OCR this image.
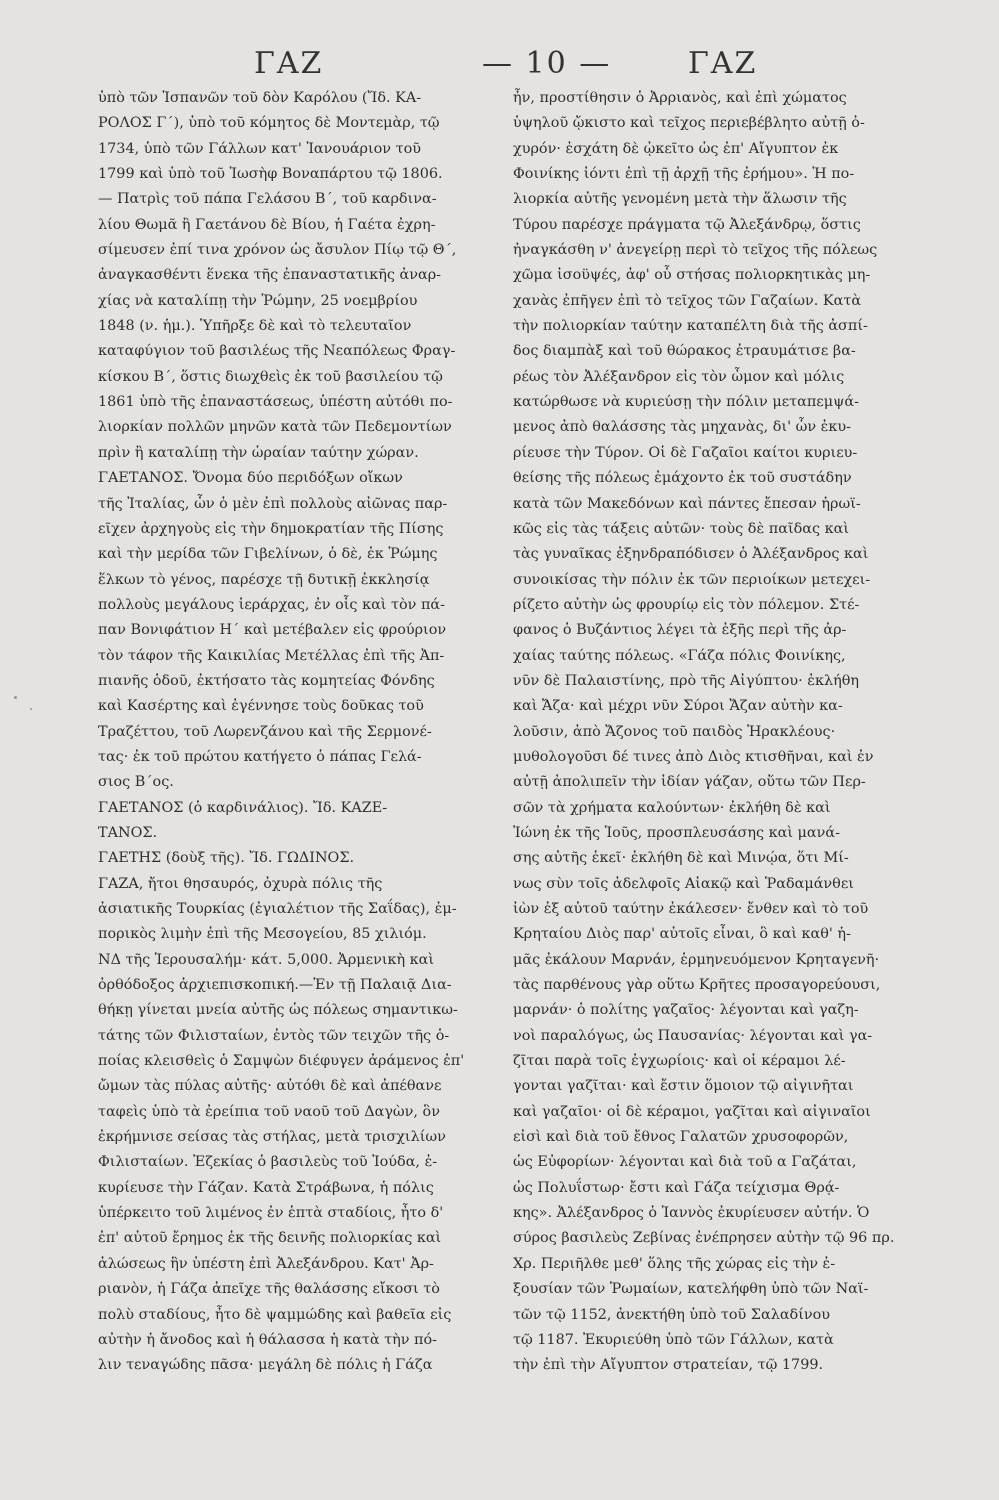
ΓΑΖ	— 10 —	ΓΑΖ
ὑπὸ τῶν Ἱσπανῶν τοῦ δὸν Καρόλου (Ἴδ. ΚΑ-
ΡΟΛΟΣ Γ΄), ὑπὸ τοῦ κόμητος δὲ Μοντεμὰρ, τῷ
1734, ὑπὸ τῶν Γάλλων κατ' Ἰανουάριον τοῦ
1799 καὶ ὑπὸ τοῦ Ἰωσὴφ Βοναπάρτου τῷ 1806.
— Πατρὶς τοῦ πάπα Γελάσου Β΄, τοῦ καρδινα-
λίου Θωμᾶ ἢ Γαετάνου δὲ Βίου, ἡ Γαέτα ἐχρη-
σίμευσεν ἐπί τινα χρόνον ὡς ἄσυλον Πίῳ τῷ Θ΄,
ἀναγκασθέντι ἕνεκα τῆς ἐπαναστατικῆς ἀναρ-
χίας νὰ καταλίπῃ τὴν Ῥώμην, 25 νοεμβρίου
1848 (ν. ἡμ.). Ὑπῆρξε δὲ καὶ τὸ τελευταῖον
καταφύγιον τοῦ βασιλέως τῆς Νεαπόλεως Φραγ-
κίσκου Β΄, ὅστις διωχθεὶς ἐκ τοῦ βασιλείου τῷ
1861 ὑπὸ τῆς ἐπαναστάσεως, ὑπέστη αὐτόθι πο-
λιορκίαν πολλῶν μηνῶν κατὰ τῶν Πεδεμοντίων
πρὶν ἢ καταλίπῃ τὴν ὡραίαν ταύτην χώραν.
ΓΑΕΤΑΝΟΣ. Ὄνομα δύο περιδόξων οἴκων
τῆς Ἰταλίας, ὧν ὁ μὲν ἐπὶ πολλοὺς αἰῶνας παρ-
εῖχεν ἀρχηγοὺς εἰς τὴν δημοκρατίαν τῆς Πίσης
καὶ τὴν μερίδα τῶν Γιβελίνων, ὁ δὲ, ἐκ Ῥώμης
ἕλκων τὸ γένος, παρέσχε τῇ δυτικῇ ἐκκλησίᾳ
πολλοὺς μεγάλους ἱεράρχας, ἐν οἷς καὶ τὸν πά-
παν Βονιφάτιον Η΄ καὶ μετέβαλεν εἰς φρούριον
τὸν τάφον τῆς Καικιλίας Μετέλλας ἐπὶ τῆς Ἀπ-
πιανῆς ὁδοῦ, ἐκτήσατο τὰς κομητείας Φόνδης
καὶ Κασέρτης καὶ ἐγέννησε τοὺς δοῦκας τοῦ
Τραζέττου, τοῦ Λωρενζάνου καὶ τῆς Σερμονέ-
τας· ἐκ τοῦ πρώτου κατήγετο ὁ πάπας Γελά-
σιος Β΄ος.
ΓΑΕΤΑΝΟΣ (ὁ καρδινάλιος). Ἴδ. ΚΑΖΕ-
ΤΑΝΟΣ.
ΓΑΕΤΗΣ (δοὺξ τῆς). Ἴδ. ΓΩΔΙΝΟΣ.
ΓΑΖΑ, ἤτοι θησαυρός, ὀχυρὰ πόλις τῆς
ἀσιατικῆς Τουρκίας (ἐγιαλέτιον τῆς Σαΐδας), ἐμ-
πορικὸς λιμὴν ἐπὶ τῆς Μεσογείου, 85 χιλιόμ.
ΝΔ τῆς Ἱερουσαλήμ· κάτ. 5,000. Ἀρμενικὴ καὶ
ὀρθόδοξος ἀρχιεπισκοπική.—Ἐν τῇ Παλαιᾷ Δια-
θήκῃ γίνεται μνεία αὐτῆς ὡς πόλεως σημαντικω-
τάτης τῶν Φιλισταίων, ἐντὸς τῶν τειχῶν τῆς ὁ-
ποίας κλεισθεὶς ὁ Σαμψὼν διέφυγεν ἀράμενος ἐπ'
ὤμων τὰς πύλας αὐτῆς· αὐτόθι δὲ καὶ ἀπέθανε
ταφεὶς ὑπὸ τὰ ἐρείπια τοῦ ναοῦ τοῦ Δαγὼν, ὃν
ἐκρήμνισε σείσας τὰς στήλας, μετὰ τρισχιλίων
Φιλισταίων. Ἐζεκίας ὁ βασιλεὺς τοῦ Ἰούδα, ἐ-
κυρίευσε τὴν Γάζαν. Κατὰ Στράβωνα, ἡ πόλις
ὑπέρκειτο τοῦ λιμένος ἐν ἑπτὰ σταδίοις, ἦτο δ'
ἐπ' αὐτοῦ ἔρημος ἐκ τῆς δεινῆς πολιορκίας καὶ
ἁλώσεως ἣν ὑπέστη ἐπὶ Ἀλεξάνδρου. Κατ' Ἀρ-
ριανὸν, ἡ Γάζα ἀπεῖχε τῆς θαλάσσης εἴκοσι τὸ
πολὺ σταδίους, ἦτο δὲ ψαμμώδης καὶ βαθεῖα εἰς
αὐτὴν ἡ ἄνοδος καὶ ἡ θάλασσα ἡ κατὰ τὴν πό-
λιν τεναγώδης πᾶσα· μεγάλη δὲ πόλις ἡ Γάζα
ἦν, προστίθησιν ὁ Ἀρριανὸς, καὶ ἐπὶ χώματος
ὑψηλοῦ ᾤκιστο καὶ τεῖχος περιεβέβλητο αὐτῇ ὀ-
χυρόν· ἐσχάτη δὲ ᾠκεῖτο ὡς ἐπ' Αἴγυπτον ἐκ
Φοινίκης ἰόντι ἐπὶ τῇ ἀρχῇ τῆς ἐρήμου». Ἡ πο-
λιορκία αὐτῆς γενομένη μετὰ τὴν ἅλωσιν τῆς
Τύρου παρέσχε πράγματα τῷ Ἀλεξάνδρῳ, ὅστις
ἠναγκάσθη ν' ἀνεγείρῃ περὶ τὸ τεῖχος τῆς πόλεως
χῶμα ἰσοϋψές, ἀφ' οὗ στήσας πολιορκητικὰς μη-
χανὰς ἐπῆγεν ἐπὶ τὸ τεῖχος τῶν Γαζαίων. Κατὰ
τὴν πολιορκίαν ταύτην καταπέλτη διὰ τῆς ἀσπί-
δος διαμπὰξ καὶ τοῦ θώρακος ἐτραυμάτισε βα-
ρέως τὸν Ἀλέξανδρον εἰς τὸν ὦμον καὶ μόλις
κατώρθωσε νὰ κυριεύσῃ τὴν πόλιν μεταπεμψά-
μενος ἀπὸ θαλάσσης τὰς μηχανὰς, δι' ὧν ἐκυ-
ρίευσε τὴν Τύρον. Οἱ δὲ Γαζαῖοι καίτοι κυριευ-
θείσης τῆς πόλεως ἐμάχοντο ἐκ τοῦ συστάδην
κατὰ τῶν Μακεδόνων καὶ πάντες ἔπεσαν ἡρωϊ-
κῶς εἰς τὰς τάξεις αὐτῶν· τοὺς δὲ παῖδας καὶ
τὰς γυναῖκας ἐξηνδραπόδισεν ὁ Ἀλέξανδρος καὶ
συνοικίσας τὴν πόλιν ἐκ τῶν περιοίκων μετεχει-
ρίζετο αὐτὴν ὡς φρουρίῳ εἰς τὸν πόλεμον. Στέ-
φανος ὁ Βυζάντιος λέγει τὰ ἑξῆς περὶ τῆς ἀρ-
χαίας ταύτης πόλεως. «Γάζα πόλις Φοινίκης,
νῦν δὲ Παλαιστίνης, πρὸ τῆς Αἰγύπτου· ἐκλήθη
καὶ Ἄζα· καὶ μέχρι νῦν Σύροι Ἄζαν αὐτὴν κα-
λοῦσιν, ἀπὸ Ἄζονος τοῦ παιδὸς Ἡρακλέους·
μυθολογοῦσι δέ τινες ἀπὸ Διὸς κτισθῆναι, καὶ ἐν
αὐτῇ ἀπολιπεῖν τὴν ἰδίαν γάζαν, οὕτω τῶν Περ-
σῶν τὰ χρήματα καλούντων· ἐκλήθη δὲ καὶ
Ἰώνη ἐκ τῆς Ἰοῦς, προσπλευσάσης καὶ μανά-
σης αὐτῆς ἐκεῖ· ἐκλήθη δὲ καὶ Μινῴα, ὅτι Μί-
νως σὺν τοῖς ἀδελφοῖς Αἰακῷ καὶ Ῥαδαμάνθει
ἰὼν ἐξ αὐτοῦ ταύτην ἐκάλεσεν· ἔνθεν καὶ τὸ τοῦ
Κρηταίου Διὸς παρ' αὐτοῖς εἶναι, ὃ καὶ καθ' ἡ-
μᾶς ἐκάλουν Μαρνάν, ἑρμηνευόμενον Κρηταγενῆ·
τὰς παρθένους γὰρ οὕτω Κρῆτες προσαγορεύουσι,
μαρνάν· ὁ πολίτης γαζαῖος· λέγονται καὶ γαζη-
νοὶ παραλόγως, ὡς Παυσανίας· λέγονται καὶ γα-
ζῖται παρὰ τοῖς ἐγχωρίοις· καὶ οἱ κέραμοι λέ-
γονται γαζῖται· καὶ ἔστιν ὅμοιον τῷ αἰγινῆται
καὶ γαζαῖοι· οἱ δὲ κέραμοι, γαζῖται καὶ αἰγιναῖοι
εἰσὶ καὶ διὰ τοῦ ἔθνος Γαλατῶν χρυσοφορῶν,
ὡς Εὐφορίων· λέγονται καὶ διὰ τοῦ α Γαζάται,
ὡς Πολυΐστωρ· ἔστι καὶ Γάζα τείχισμα Θρᾴ-
κης». Ἀλέξανδρος ὁ Ἰαννὸς ἐκυρίευσεν αὐτήν. Ὁ
σύρος βασιλεὺς Ζεβίνας ἐνέπρησεν αὐτὴν τῷ 96 πρ.
Χρ. Περιῆλθε μεθ' ὅλης τῆς χώρας εἰς τὴν ἐ-
ξουσίαν τῶν Ῥωμαίων, κατελήφθη ὑπὸ τῶν Ναϊ-
τῶν τῷ 1152, ἀνεκτήθη ὑπὸ τοῦ Σαλαδίνου
τῷ 1187. Ἐκυριεύθη ὑπὸ τῶν Γάλλων, κατὰ
τὴν ἐπὶ τὴν Αἴγυπτον στρατείαν, τῷ 1799.
